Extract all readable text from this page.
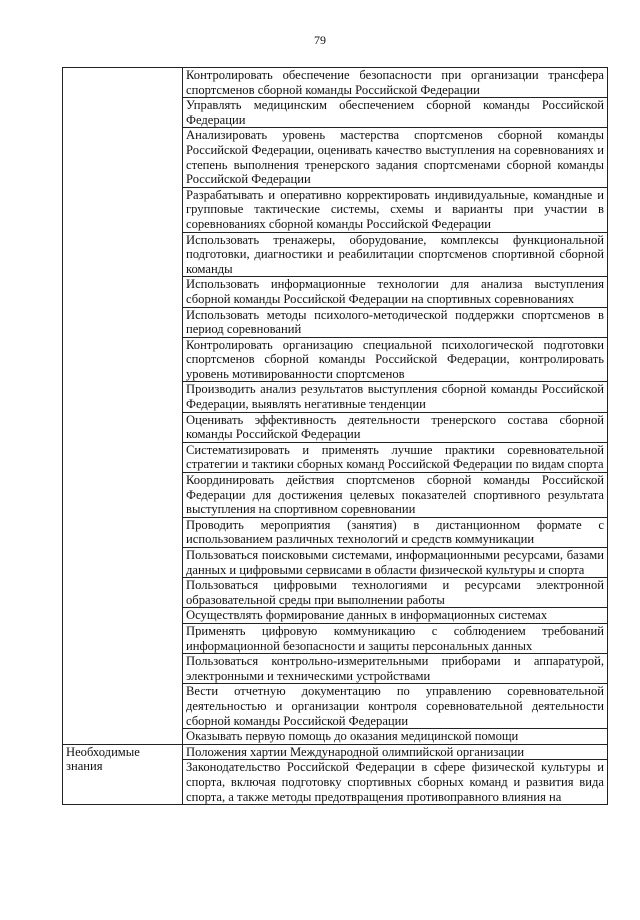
79
	Контролировать обеспечение безопасности при организации трансфера спортсменов сборной команды Российской Федерации
	Управлять медицинским обеспечением сборной команды Российской Федерации
	Анализировать уровень мастерства спортсменов сборной команды Российской Федерации, оценивать качество выступления на соревнованиях и степень выполнения тренерского задания спортсменами сборной команды Российской Федерации
	Разрабатывать и оперативно корректировать индивидуальные, командные и групповые тактические системы, схемы и варианты при участии в соревнованиях сборной команды Российской Федерации
	Использовать тренажеры, оборудование, комплексы функциональной подготовки, диагностики и реабилитации спортсменов спортивной сборной команды
	Использовать информационные технологии для анализа выступления сборной команды Российской Федерации на спортивных соревнованиях
	Использовать методы психолого-методической поддержки спортсменов в период соревнований
	Контролировать организацию специальной психологической подготовки спортсменов сборной команды Российской Федерации, контролировать уровень мотивированности спортсменов
	Производить анализ результатов выступления сборной команды Российской Федерации, выявлять негативные тенденции
	Оценивать эффективность деятельности тренерского состава сборной команды Российской Федерации
	Систематизировать и применять лучшие практики соревновательной стратегии и тактики сборных команд Российской Федерации по видам спорта
	Координировать действия спортсменов сборной команды Российской Федерации для достижения целевых показателей спортивного результата выступления на спортивном соревновании
	Проводить мероприятия (занятия) в дистанционном формате с использованием различных технологий и средств коммуникации
	Пользоваться поисковыми системами, информационными ресурсами, базами данных и цифровыми сервисами в области физической культуры и спорта
	Пользоваться цифровыми технологиями и ресурсами электронной образовательной среды при выполнении работы
	Осуществлять формирование данных в информационных системах
	Применять цифровую коммуникацию с соблюдением требований информационной безопасности и защиты персональных данных
	Пользоваться контрольно-измерительными приборами и аппаратурой, электронными и техническими устройствами
	Вести отчетную документацию по управлению соревновательной деятельностью и организации контроля соревновательной деятельности сборной команды Российской Федерации
	Оказывать первую помощь до оказания медицинской помощи
Необходимые знания	Положения хартии Международной олимпийской организации
	Законодательство Российской Федерации в сфере физической культуры и спорта, включая подготовку спортивных сборных команд и развития вида спорта, а также методы предотвращения противоправного влияния на
